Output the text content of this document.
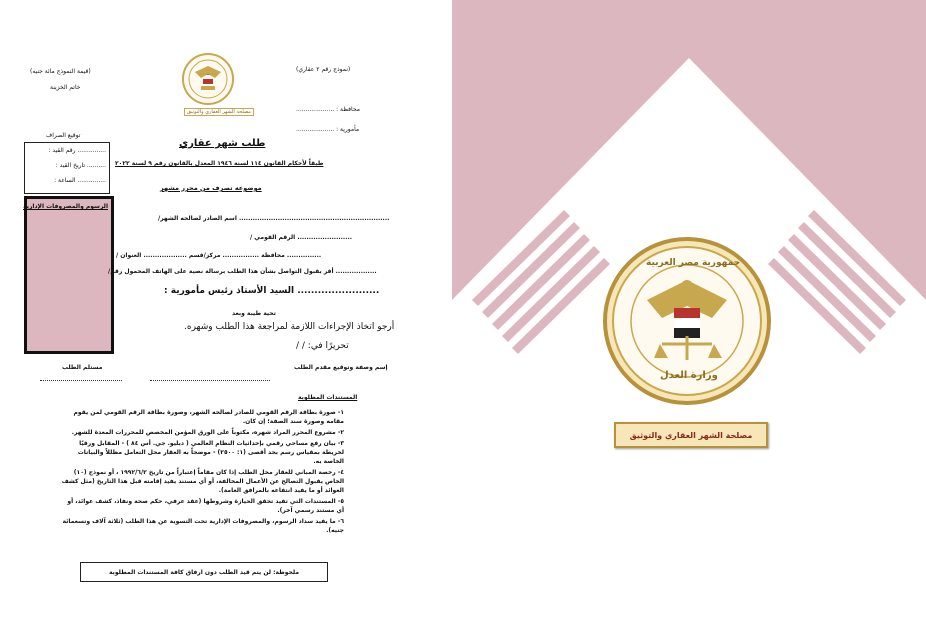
(نموذج رقم ٢ عقاري)
(قيمة النموذج مائة جنيه)
خاتم الخزينة
مصلحة الشهر العقاري والتوثيق	محافظة : ....................
مأمورية : ....................
توقيع الصراف
............... رقم القيد :
.......... تاريخ القيد :
............... الساعة :
الرسوم والمصروفات الإدارية
طلب شهر عقاري
طبقاً لأحكام القانون ١١٤ لسنة ١٩٤٦ المعدل بالقانون رقم ٩ لسنة ٢٠٢٢
موضوعه تصرف من محرر مشهر
.................................................................. اسم الصادر لصالحه الشهر/
........................ الرقم القومي /
............... محافظة ................ مركز/قسم ................... العنوان /
.................. أقر بقبول التواصل بشأن هذا الطلب برسالة نصية على الهاتف المحمول رقم/
........................ السيد الأستاذ رئيس مأمورية :
تحية طيبة وبعد
أرجو اتخاذ الإجراءات اللازمة لمراجعة هذا الطلب وشهره.
تحريرًا في: / /
إسم وصفة وتوقيع مقدم الطلب
مستلم الطلب
المستندات المطلوبة
١- صورة بطاقة الرقم القومي للصادر لصالحه الشهر، وصورة بطاقة الرقم القومي لمن يقوم مقامه وصورة سند الصفة؛ إن كان.
٢- مشروع المحرر المراد شهره، مكتوباً على الورق المؤمن المخصص للمحررات المعدة للشهر.
٣- بيان رفع مساحي رقمي بإحداثيات النظام العالمي ( دبليو. جي. أس ٨٤ ) - المقابل ورقيًا لخريطة بمقياس رسم بحد أقصى (١: ٢٥٠٠) - موضحاً به العقار محل التعامل مظللاً والبيانات الخاصة به.
٤- رخصة المباني للعقار محل الطلب إذا كان مقاماً إعتباراً من تاريخ ١٩٩٢/٦/٢ ، أو نموذج (١٠) الخاص بقبول التصالح عن الأعمال المخالفة، أو أي مستند يفيد إقامته قبل هذا التاريخ (مثل كشف العوائد أو ما يفيد انتفاعه بالمرافق العامة).
٥- المستندات التي تفيد تحقق الحيازة وشروطها (عقد عرفي، حكم صحة ونفاذ، كشف عوائد، أو أي مستند رسمي آخر).
٦- ما يفيد سداد الرسوم، والمصروفات الإدارية تحت التسوية عن هذا الطلب (ثلاثة آلاف وتسعمائة جنيه).
ملحوظة: لن يتم قيد الطلب دون ارفاق كافة المستندات المطلوبة
جمهورية مصر العربية
وزارة العدل
مصلحة الشهر العقاري والتوثيق
